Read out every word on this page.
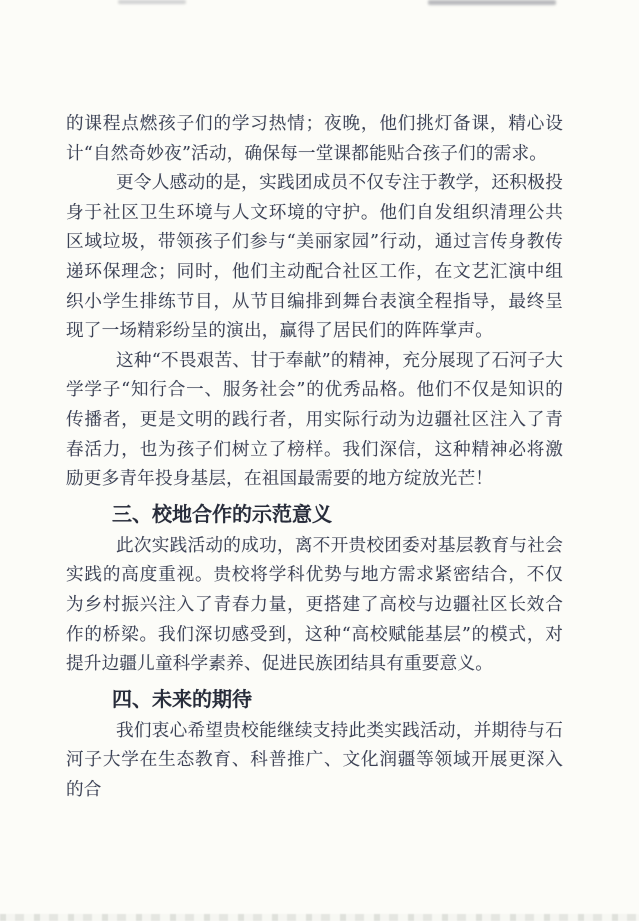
的课程点燃孩子们的学习热情；夜晚，他们挑灯备课，精心设计“自然奇妙夜”活动，确保每一堂课都能贴合孩子们的需求。

更令人感动的是，实践团成员不仅专注于教学，还积极投身于社区卫生环境与人文环境的守护。他们自发组织清理公共区域垃圾，带领孩子们参与“美丽家园”行动，通过言传身教传递环保理念；同时，他们主动配合社区工作，在文艺汇演中组织小学生排练节目，从节目编排到舞台表演全程指导，最终呈现了一场精彩纷呈的演出，赢得了居民们的阵阵掌声。

这种“不畏艰苦、甘于奉献”的精神，充分展现了石河子大学学子“知行合一、服务社会”的优秀品格。他们不仅是知识的传播者，更是文明的践行者，用实际行动为边疆社区注入了青春活力，也为孩子们树立了榜样。我们深信，这种精神必将激励更多青年投身基层，在祖国最需要的地方绽放光芒！

三、校地合作的示范意义

此次实践活动的成功，离不开贵校团委对基层教育与社会实践的高度重视。贵校将学科优势与地方需求紧密结合，不仅为乡村振兴注入了青春力量，更搭建了高校与边疆社区长效合作的桥梁。我们深切感受到，这种“高校赋能基层”的模式，对提升边疆儿童科学素养、促进民族团结具有重要意义。

四、未来的期待

我们衷心希望贵校能继续支持此类实践活动，并期待与石河子大学在生态教育、科普推广、文化润疆等领域开展更深入的合
